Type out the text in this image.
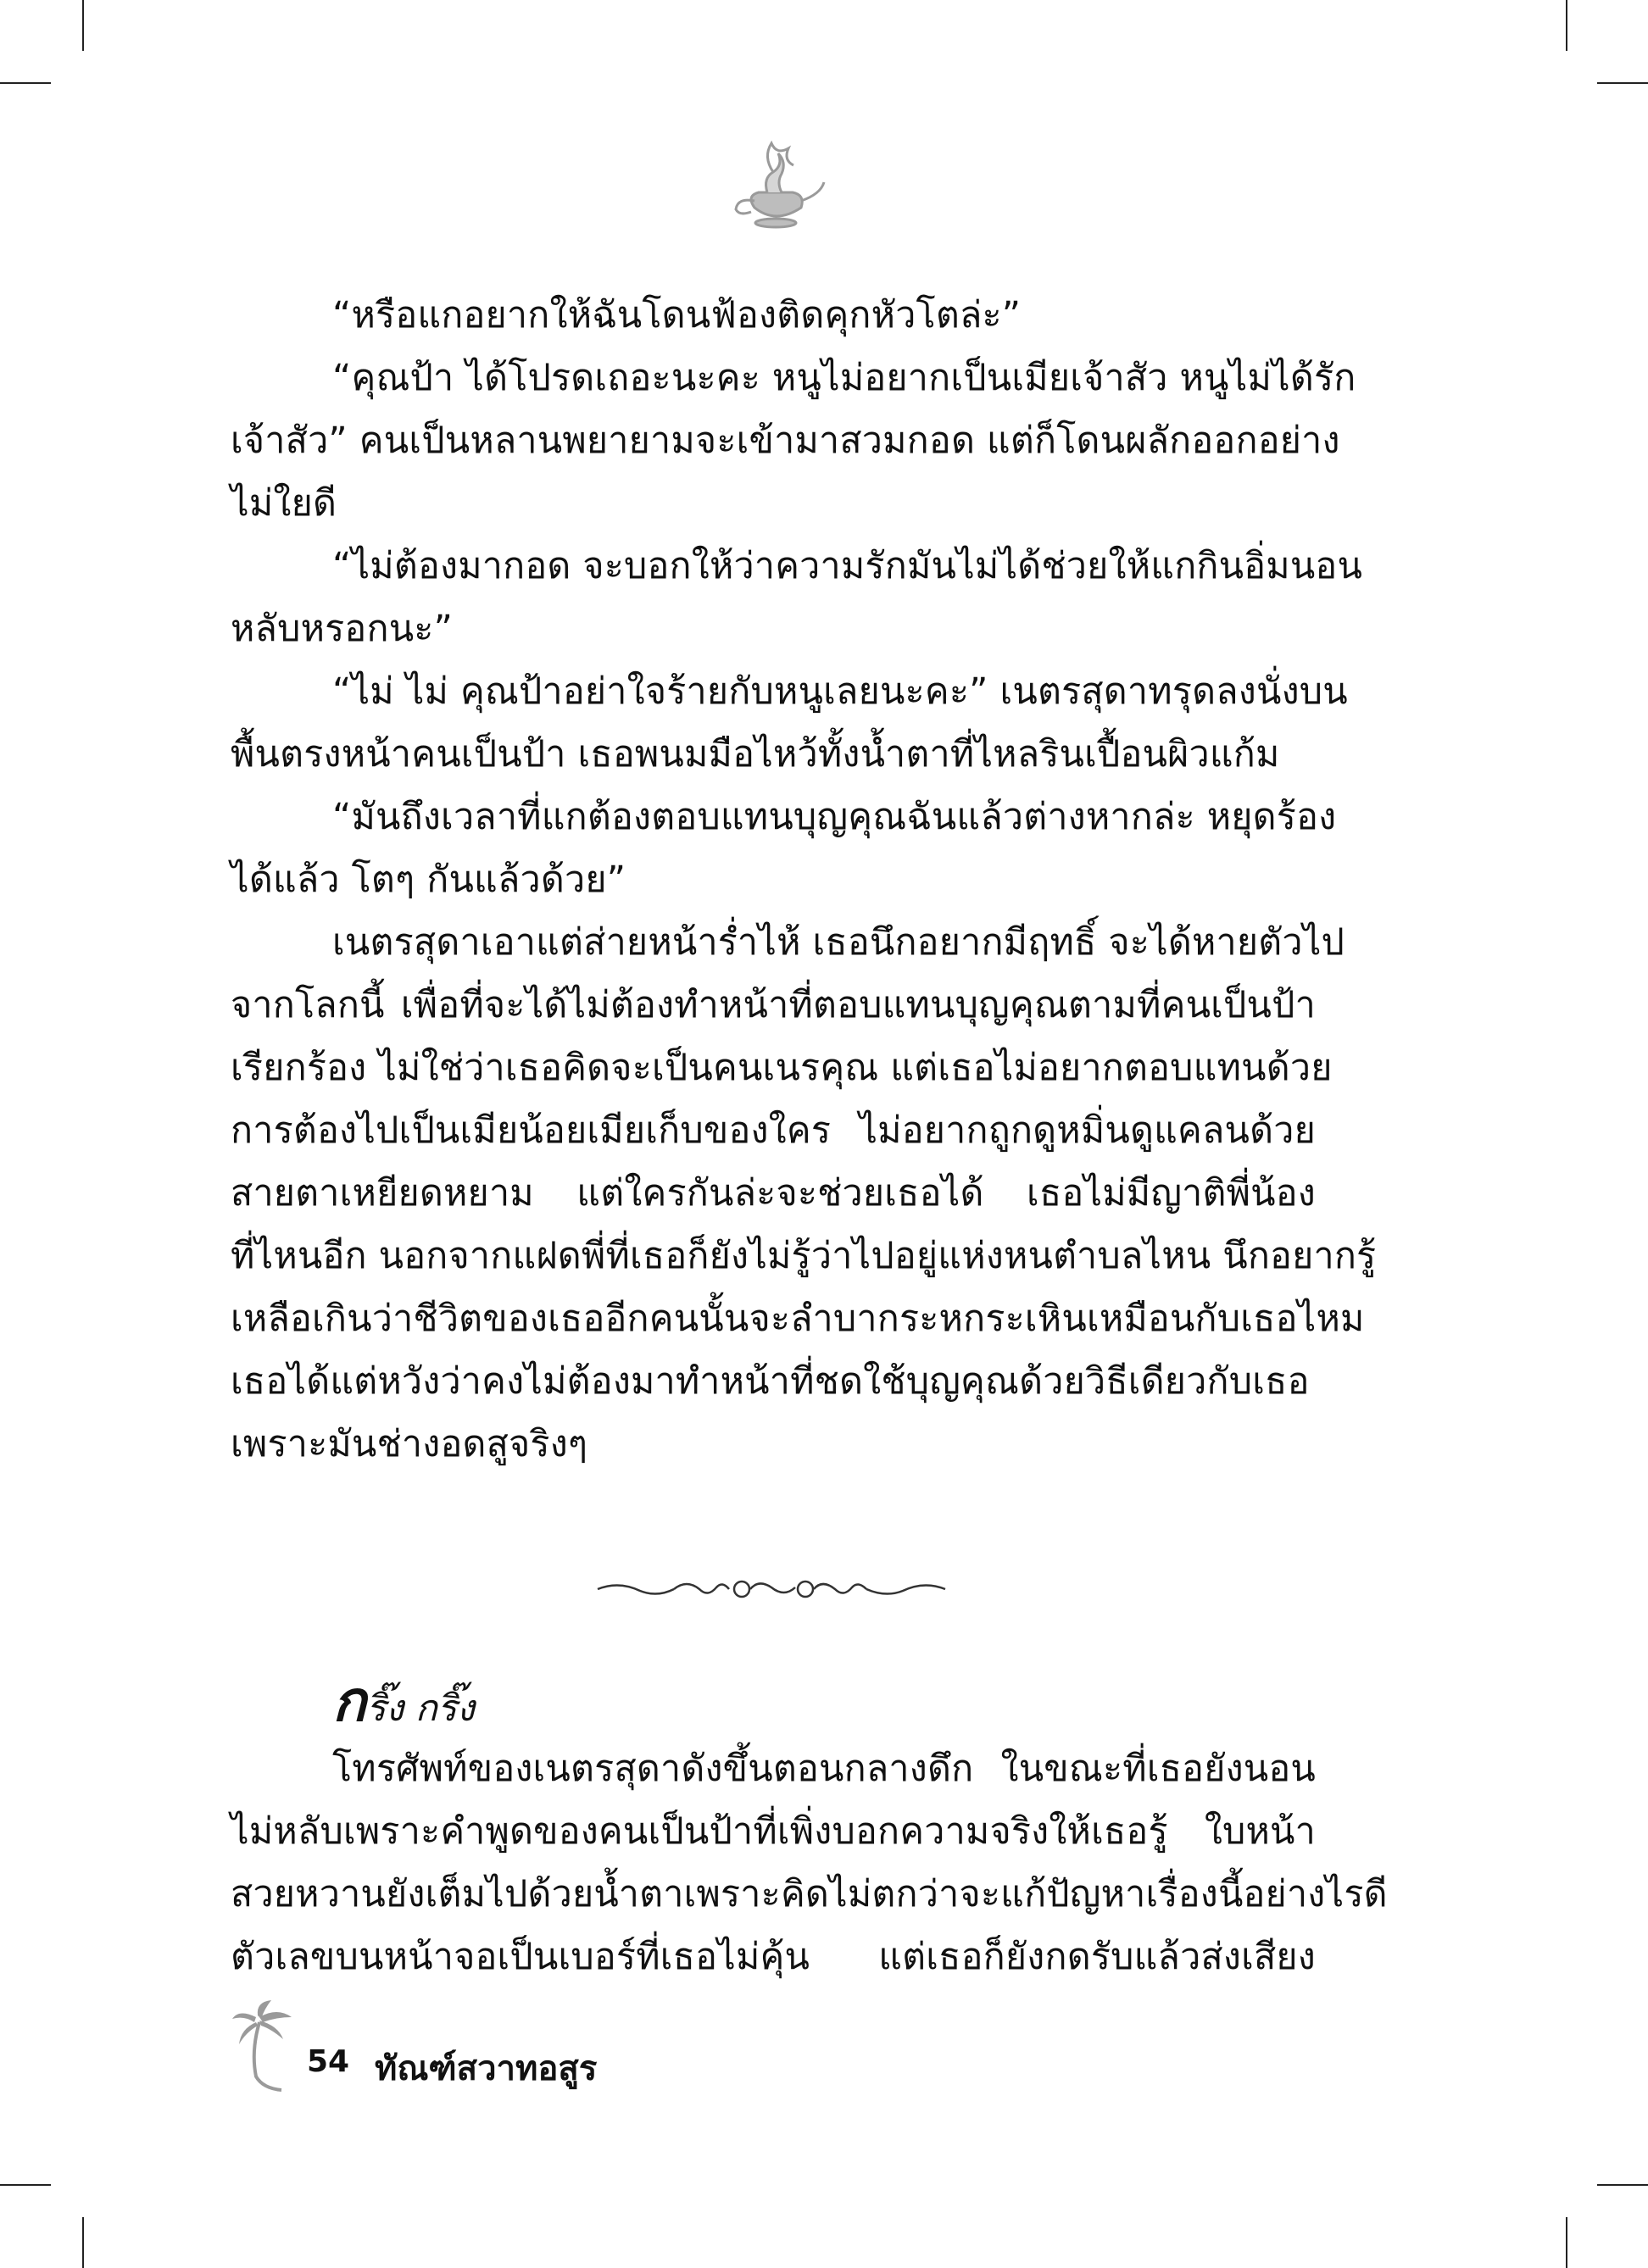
“หรือแกอยากให้ฉันโดนฟ้องติดคุกหัวโตล่ะ”
“คุณป้า ได้โปรดเถอะนะคะ หนูไม่อยากเป็นเมียเจ้าสัว หนูไม่ได้รัก
เจ้าสัว” คนเป็นหลานพยายามจะเข้ามาสวมกอด แต่ก็โดนผลักออกอย่าง
ไม่ใยดี
“ไม่ต้องมากอด จะบอกให้ว่าความรักมันไม่ได้ช่วยให้แกกินอิ่มนอน
หลับหรอกนะ”
“ไม่ ไม่ คุณป้าอย่าใจร้ายกับหนูเลยนะคะ” เนตรสุดาทรุดลงนั่งบน
พื้นตรงหน้าคนเป็นป้า เธอพนมมือไหว้ทั้งน้ำตาที่ไหลรินเปื้อนผิวแก้ม
“มันถึงเวลาที่แกต้องตอบแทนบุญคุณฉันแล้วต่างหากล่ะ หยุดร้อง
ได้แล้ว โตๆ กันแล้วด้วย”
เนตรสุดาเอาแต่ส่ายหน้าร่ำไห้ เธอนึกอยากมีฤทธิ์ จะได้หายตัวไป
จากโลกนี้ เพื่อที่จะได้ไม่ต้องทำหน้าที่ตอบแทนบุญคุณตามที่คนเป็นป้า
เรียกร้อง ไม่ใช่ว่าเธอคิดจะเป็นคนเนรคุณ แต่เธอไม่อยากตอบแทนด้วย
การต้องไปเป็นเมียน้อยเมียเก็บของใคร ไม่อยากถูกดูหมิ่นดูแคลนด้วย
สายตาเหยียดหยาม แต่ใครกันล่ะจะช่วยเธอได้ เธอไม่มีญาติพี่น้อง
ที่ไหนอีก นอกจากแฝดพี่ที่เธอก็ยังไม่รู้ว่าไปอยู่แห่งหนตำบลไหน นึกอยากรู้
เหลือเกินว่าชีวิตของเธออีกคนนั้นจะลำบากระหกระเหินเหมือนกับเธอไหม
เธอได้แต่หวังว่าคงไม่ต้องมาทำหน้าที่ชดใช้บุญคุณด้วยวิธีเดียวกับเธอ
เพราะมันช่างอดสูจริงๆ
กริ๊ง กริ๊ง
โทรศัพท์ของเนตรสุดาดังขึ้นตอนกลางดึก ในขณะที่เธอยังนอน
ไม่หลับเพราะคำพูดของคนเป็นป้าที่เพิ่งบอกความจริงให้เธอรู้ ใบหน้า
สวยหวานยังเต็มไปด้วยน้ำตาเพราะคิดไม่ตกว่าจะแก้ปัญหาเรื่องนี้อย่างไรดี
ตัวเลขบนหน้าจอเป็นเบอร์ที่เธอไม่คุ้น แต่เธอก็ยังกดรับแล้วส่งเสียง
54 ทัณฑ์สวาทอสูร
